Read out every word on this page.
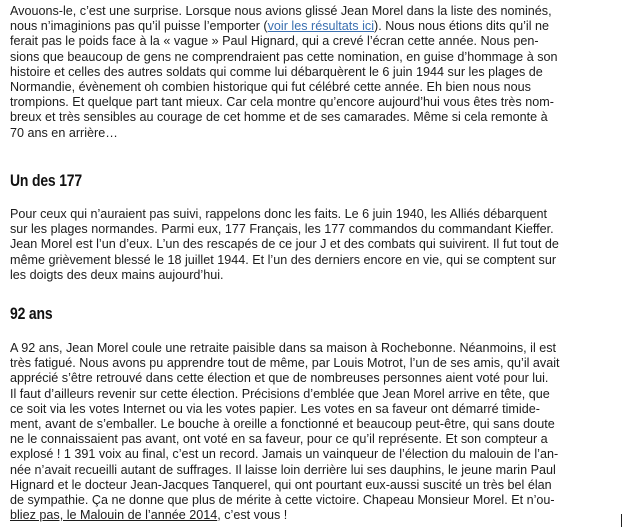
Avouons-le, c’est une surprise. Lorsque nous avions glissé Jean Morel dans la liste des nominés,
nous n’imaginions pas qu’il puisse l’emporter (voir les résultats ici). Nous nous étions dits qu’il ne
ferait pas le poids face à la « vague » Paul Hignard, qui a crevé l’écran cette année. Nous pen-
sions que beaucoup de gens ne comprendraient pas cette nomination, en guise d’hommage à son
histoire et celles des autres soldats qui comme lui débarquèrent le 6 juin 1944 sur les plages de
Normandie, évènement oh combien historique qui fut célébré cette année. Eh bien nous nous
trompions. Et quelque part tant mieux. Car cela montre qu’encore aujourd’hui vous êtes très nom-
breux et très sensibles au courage de cet homme et de ses camarades. Même si cela remonte à
70 ans en arrière…

Un des 177

Pour ceux qui n’auraient pas suivi, rappelons donc les faits. Le 6 juin 1940, les Alliés débarquent
sur les plages normandes. Parmi eux, 177 Français, les 177 commandos du commandant Kieffer.
Jean Morel est l’un d’eux. L’un des rescapés de ce jour J et des combats qui suivirent. Il fut tout de
même grièvement blessé le 18 juillet 1944. Et l’un des derniers encore en vie, qui se comptent sur
les doigts des deux mains aujourd’hui.

92 ans

A 92 ans, Jean Morel coule une retraite paisible dans sa maison à Rochebonne. Néanmoins, il est
très fatigué. Nous avons pu apprendre tout de même, par Louis Motrot, l’un de ses amis, qu’il avait
apprécié s’être retrouvé dans cette élection et que de nombreuses personnes aient voté pour lui.
Il faut d’ailleurs revenir sur cette élection. Précisions d’emblée que Jean Morel arrive en tête, que
ce soit via les votes Internet ou via les votes papier. Les votes en sa faveur ont démarré timide-
ment, avant de s’emballer. Le bouche à oreille a fonctionné et beaucoup peut-être, qui sans doute
ne le connaissaient pas avant, ont voté en sa faveur, pour ce qu’il représente. Et son compteur a
explosé ! 1 391 voix au final, c’est un record. Jamais un vainqueur de l’élection du malouin de l’an-
née n’avait recueilli autant de suffrages. Il laisse loin derrière lui ses dauphins, le jeune marin Paul
Hignard et le docteur Jean-Jacques Tanquerel, qui ont pourtant eux-aussi suscité un très bel élan
de sympathie. Ça ne donne que plus de mérite à cette victoire. Chapeau Monsieur Morel. Et n’ou-
bliez pas, le Malouin de l’année 2014, c’est vous !
